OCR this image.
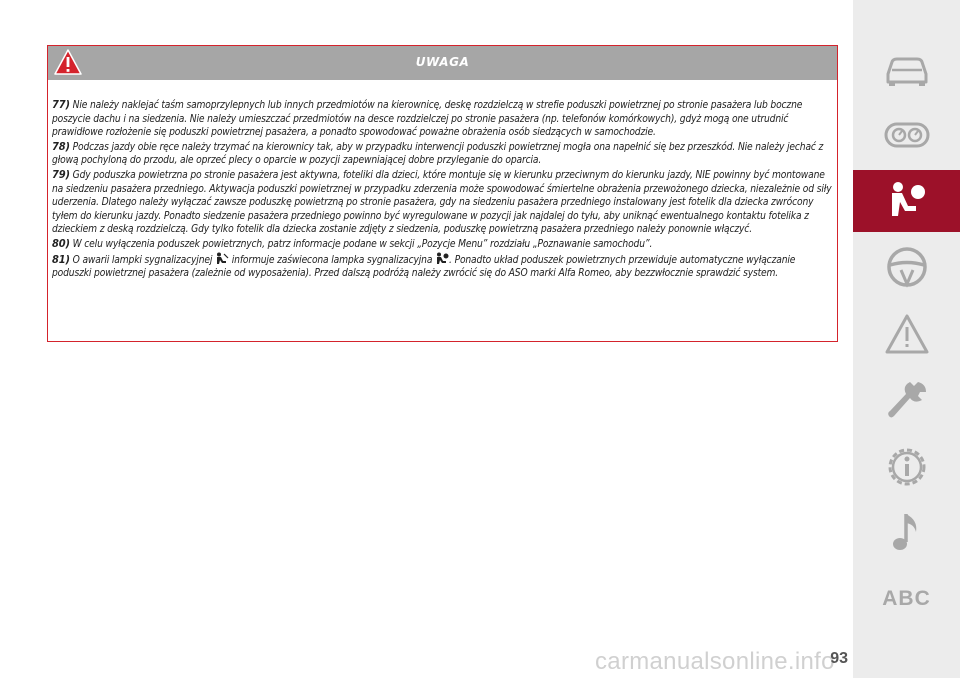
UWAGA

77) Nie należy naklejać taśm samoprzylepnych lub innych przedmiotów na kierownicę, deskę rozdzielczą w strefie poduszki powietrznej po stronie pasażera lub boczne poszycie dachu i na siedzenia. Nie należy umieszczać przedmiotów na desce rozdzielczej po stronie pasażera (np. telefonów komórkowych), gdyż mogą one utrudnić prawidłowe rozłożenie się poduszki powietrznej pasażera, a ponadto spowodować poważne obrażenia osób siedzących w samochodzie.

78) Podczas jazdy obie ręce należy trzymać na kierownicy tak, aby w przypadku interwencji poduszki powietrznej mogła ona napełnić się bez przeszkód. Nie należy jechać z głową pochyloną do przodu, ale oprzeć plecy o oparcie w pozycji zapewniającej dobre przyleganie do oparcia.

79) Gdy poduszka powietrzna po stronie pasażera jest aktywna, foteliki dla dzieci, które montuje się w kierunku przeciwnym do kierunku jazdy, NIE powinny być montowane na siedzeniu pasażera przedniego. Aktywacja poduszki powietrznej w przypadku zderzenia może spowodować śmiertelne obrażenia przewożonego dziecka, niezależnie od siły uderzenia. Dlatego należy wyłączać zawsze poduszkę powietrzną po stronie pasażera, gdy na siedzeniu pasażera przedniego instalowany jest fotelik dla dziecka zwrócony tyłem do kierunku jazdy. Ponadto siedzenie pasażera przedniego powinno być wyregulowane w pozycji jak najdalej do tyłu, aby uniknąć ewentualnego kontaktu fotelika z dzieckiem z deską rozdzielczą. Gdy tylko fotelik dla dziecka zostanie zdjęty z siedzenia, poduszkę powietrzną pasażera przedniego należy ponownie włączyć.

80) W celu wyłączenia poduszek powietrznych, patrz informacje podane w sekcji „Pozycje Menu” rozdziału „Poznawanie samochodu”.

81) O awarii lampki sygnalizacyjnej informuje zaświecona lampka sygnalizacyjna . Ponadto układ poduszek powietrznych przewiduje automatyczne wyłączanie poduszki powietrznej pasażera (zależnie od wyposażenia). Przed dalszą podróżą należy zwrócić się do ASO marki Alfa Romeo, aby bezzwłocznie sprawdzić system.

ABC
carmanualsonline.info
93
